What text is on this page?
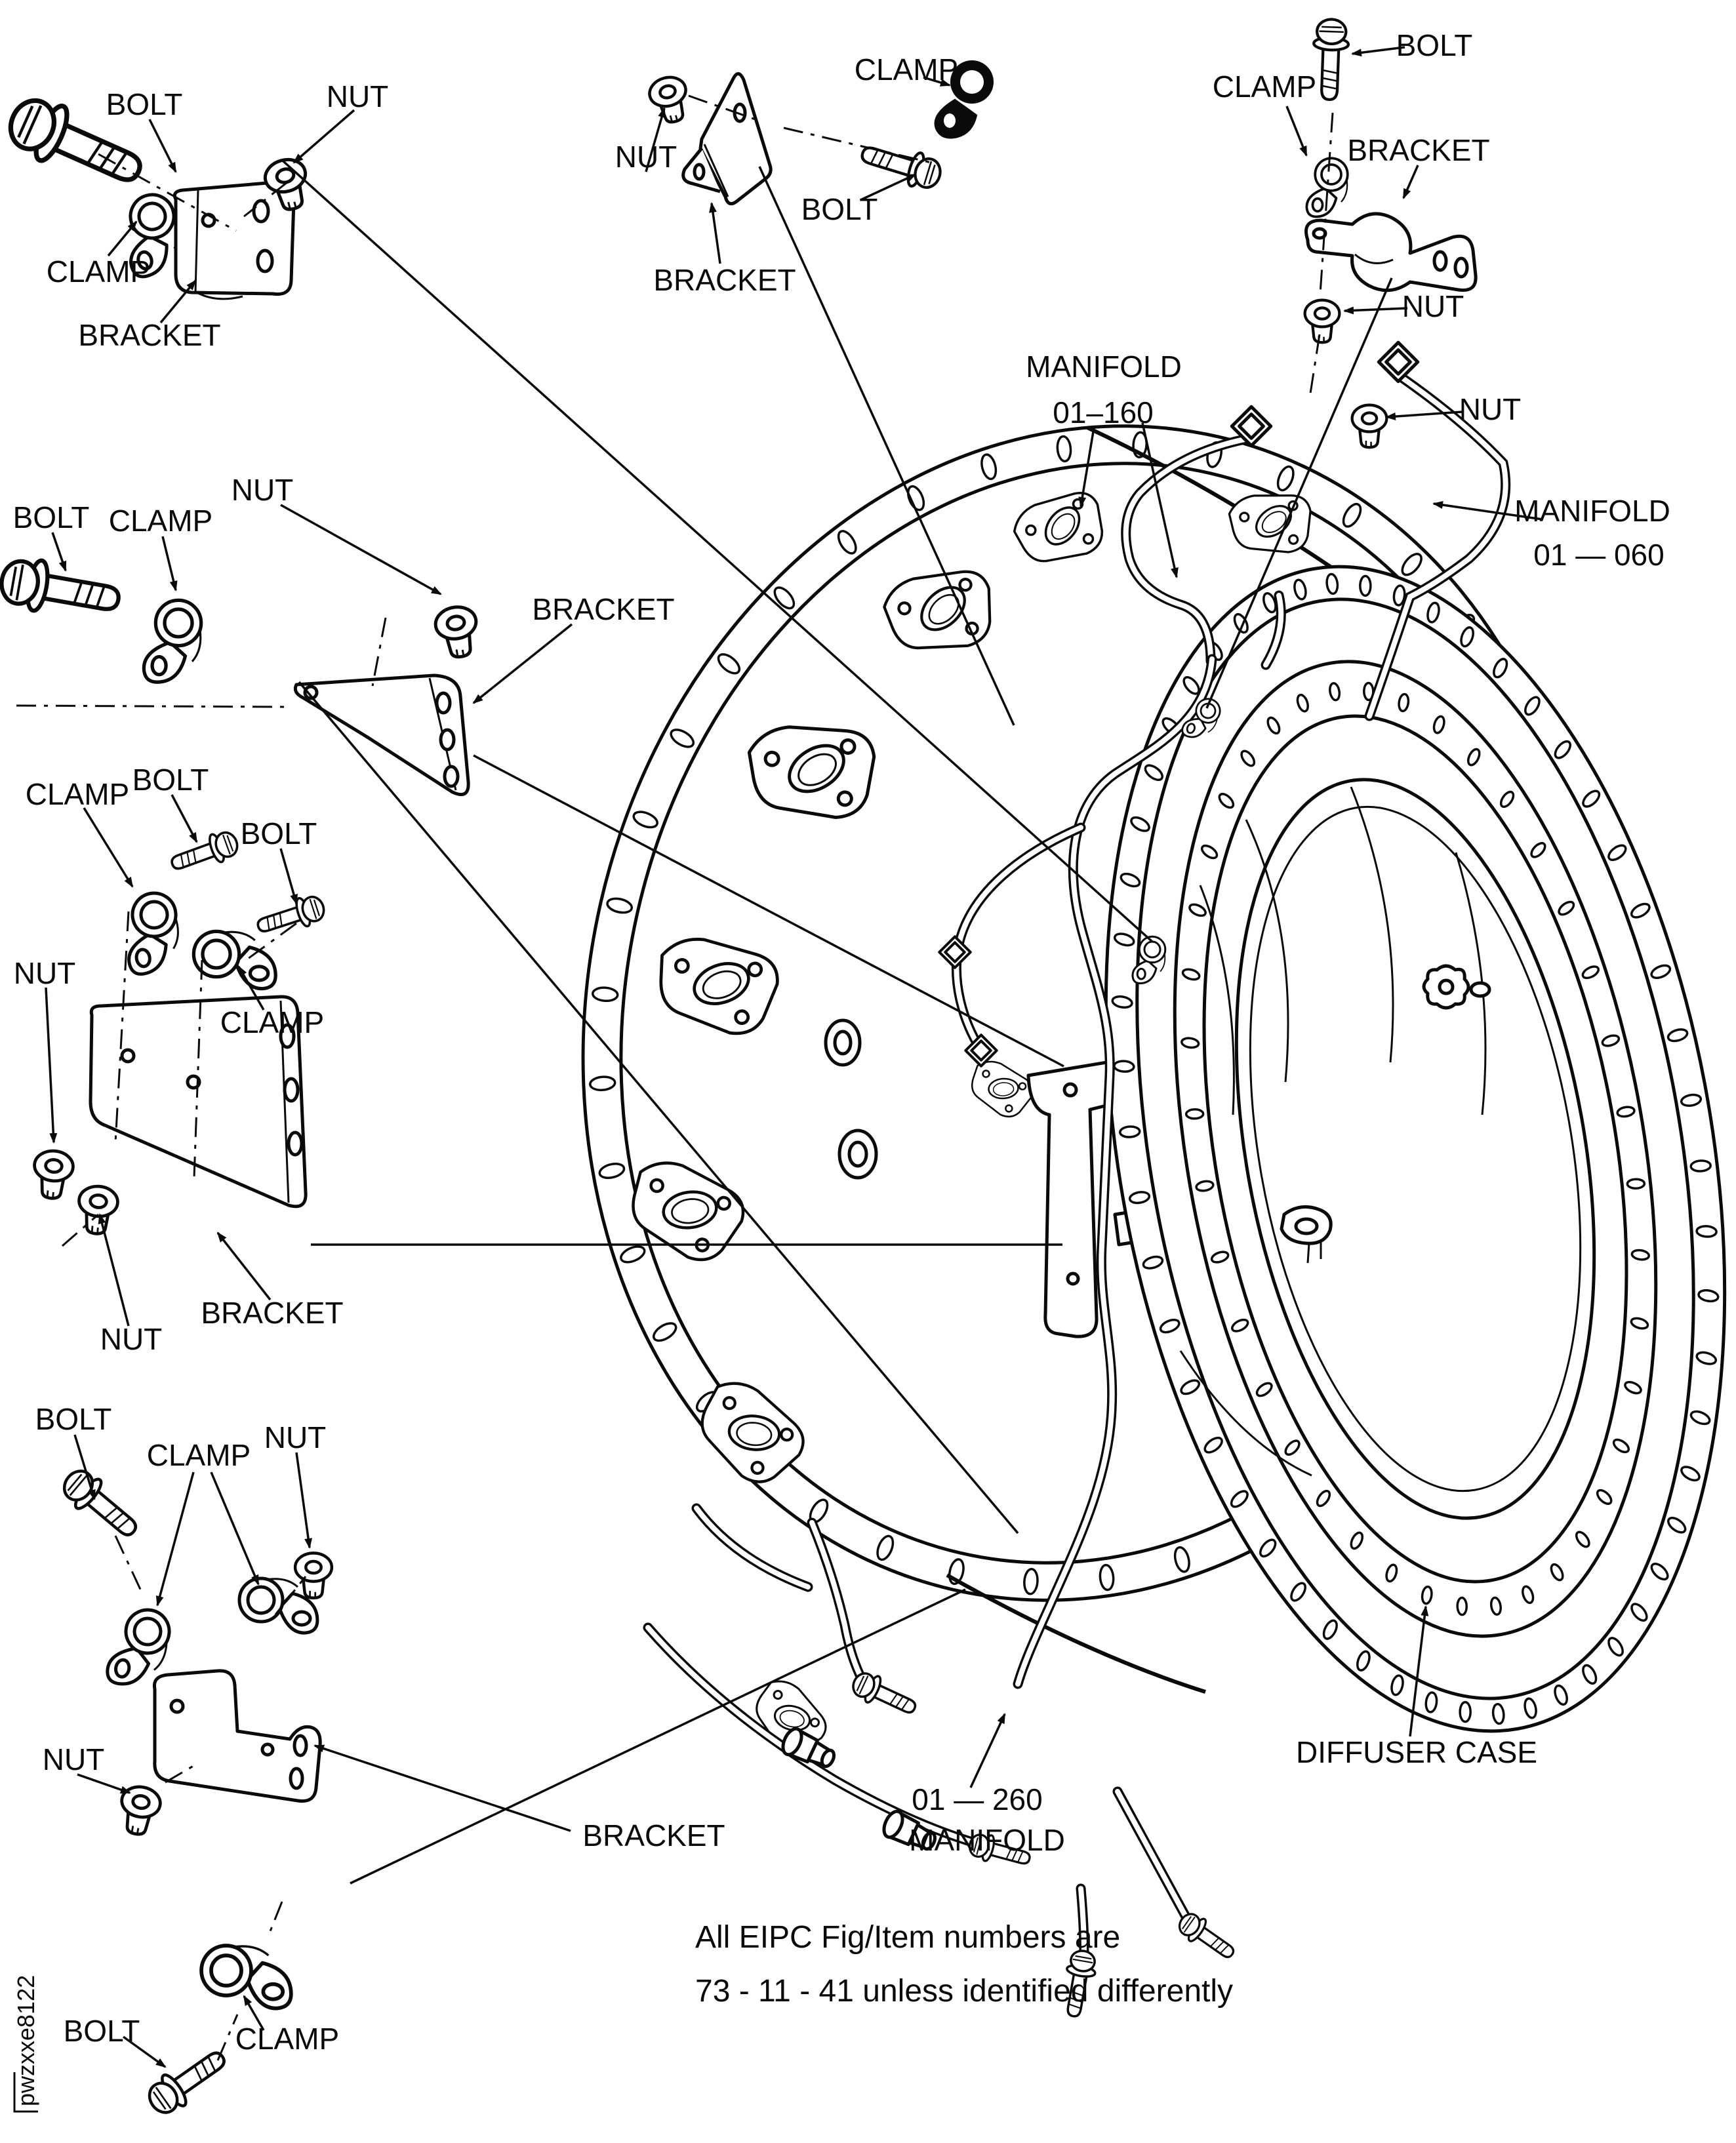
BOLT	NUT
CLAMP
BRACKET
NUT
BRACKET
CLAMP
BOLT
MANIFOLD
01–160
CLAMP
BOLT
BRACKET
NUT
NUT
MANIFOLD
01 — 060
BOLT CLAMP
NUT
BRACKET
CLAMP BOLT
BOLT
NUT
CLAMP
NUT
BRACKET
BOLT
CLAMP
NUT
NUT
BRACKET
01 — 260
MANIFOLD
DIFFUSER CASE
BOLT	CLAMP
All EIPC Fig/Item numbers are
73 - 11 - 41 unless identified differently
pwzxxe8122
